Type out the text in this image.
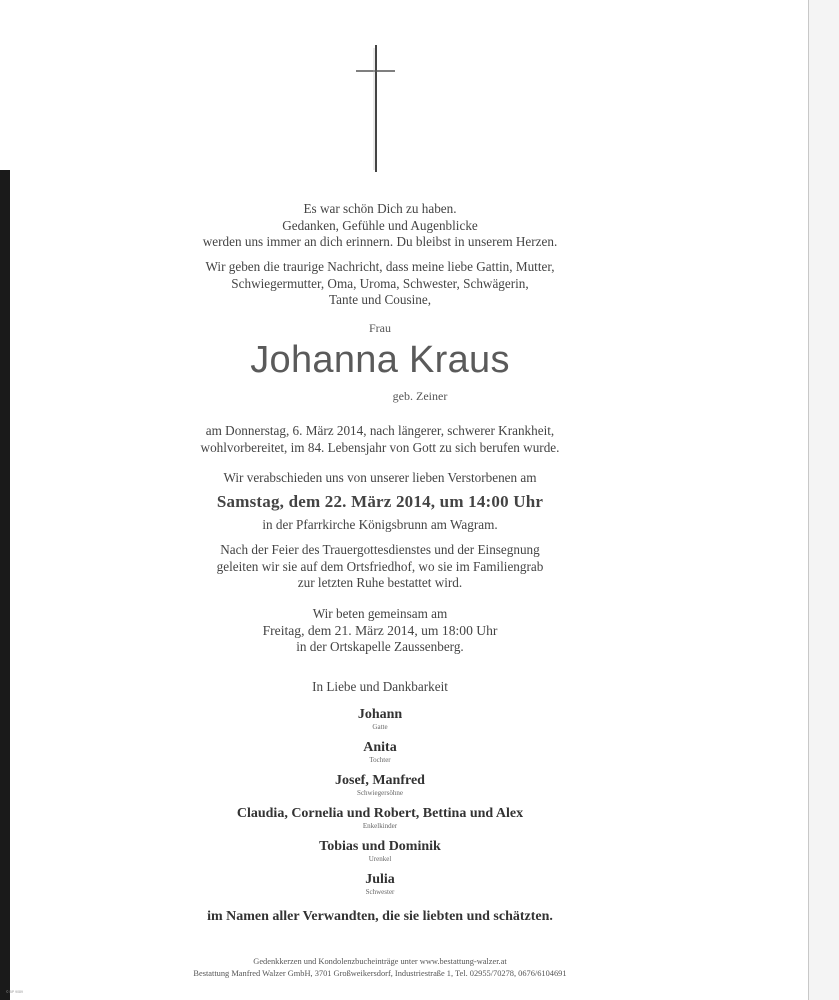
Es war schön Dich zu haben.
Gedanken, Gefühle und Augenblicke
werden uns immer an dich erinnern. Du bleibst in unserem Herzen.
Wir geben die traurige Nachricht, dass meine liebe Gattin, Mutter,
Schwiegermutter, Oma, Uroma, Schwester, Schwägerin,
Tante und Cousine,
Frau
Johanna Kraus
geb. Zeiner
am Donnerstag, 6. März 2014, nach längerer, schwerer Krankheit,
wohlvorbereitet, im 84. Lebensjahr von Gott zu sich berufen wurde.
Wir verabschieden uns von unserer lieben Verstorbenen am
Samstag, dem 22. März 2014, um 14:00 Uhr
in der Pfarrkirche Königsbrunn am Wagram.
Nach der Feier des Trauergottesdienstes und der Einsegnung
geleiten wir sie auf dem Ortsfriedhof, wo sie im Familiengrab
zur letzten Ruhe bestattet wird.
Wir beten gemeinsam am
Freitag, dem 21. März 2014, um 18:00 Uhr
in der Ortskapelle Zaussenberg.
In Liebe und Dankbarkeit
Johann
Gatte
Anita
Tochter
Josef, Manfred
Schwiegersöhne
Claudia, Cornelia und Robert, Bettina und Alex
Enkelkinder
Tobias und Dominik
Urenkel
Julia
Schwester
im Namen aller Verwandten, die sie liebten und schätzten.
Gedenkkerzen und Kondolenzbucheinträge unter www.bestattung-walzer.at
Bestattung Manfred Walzer GmbH, 3701 Großweikersdorf, Industriestraße 1, Tel. 02955/70278, 0676/6104691
© BP 9089
